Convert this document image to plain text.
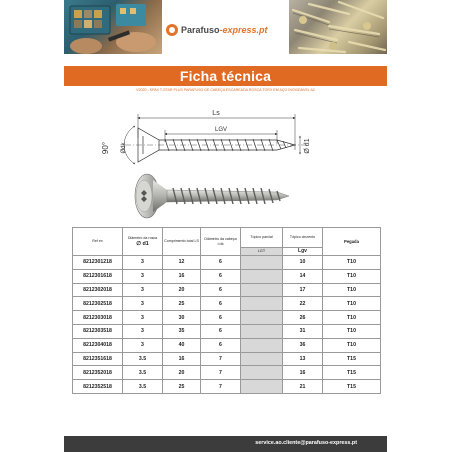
Parafuso-express.pt
Ficha técnica
V2020 - SPAX T-STAR PLUS PARAFUSO DE CABEÇA ESCAREADA ROSCA TORX EM AÇO INOXIDÁVEL A2
Ls
LGV
90° Ødk	Ø d1
Ref ex	Diâmetro da rosca
∅ d1	Comprimento total LS	Diâmetro da cabeça
∅dk	Tópico parcial	Tópico cinzento	Pegada
				LGT	Lgv	
8212301218	3	12	6		10	T10
8212301618	3	16	6		14	T10
8212302018	3	20	6		17	T10
8212302518	3	25	6		22	T10
8212303018	3	30	6		26	T10
8212303518	3	35	6		31	T10
8212304018	3	40	6		36	T10
8212351618	3.5	16	7		13	T15
8212352018	3.5	20	7		16	T15
8212352518	3.5	25	7		21	T15
service.ao.cliente@parafuso-express.pt
